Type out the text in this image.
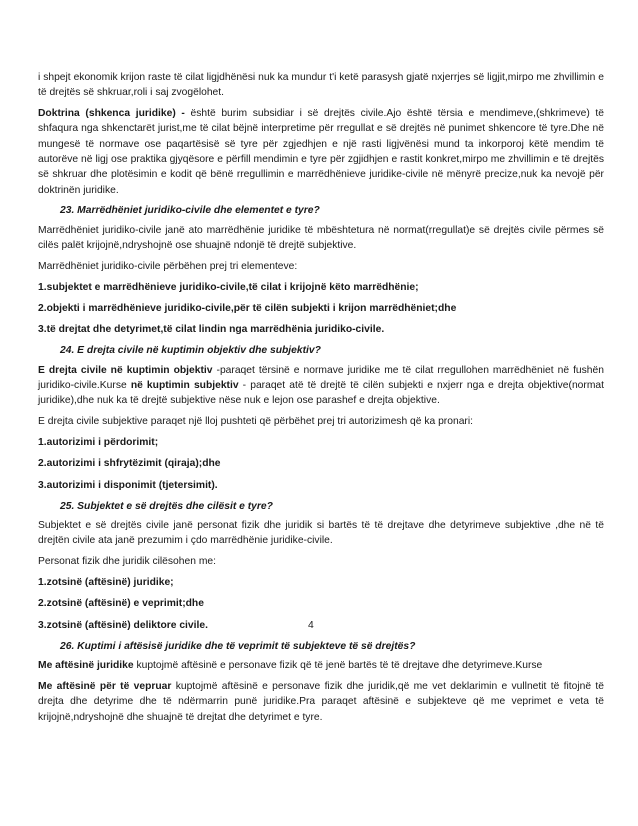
i shpejt ekonomik krijon raste të cilat ligjdhënësi nuk ka mundur t'i ketë parasysh gjatë nxjerrjes së ligjit,mirpo me zhvillimin e të drejtës së shkruar,roli i saj zvogëlohet.

Doktrina (shkenca juridike) - është burim subsidiar i së drejtës civile.Ajo është tërsia e mendimeve,(shkrimeve) të shfaqura nga shkenctarët jurist,me të cilat bëjnë interpretime për rregullat e së drejtës në punimet shkencore të tyre.Dhe në mungesë të normave ose paqartësisë së tyre për zgjedhjen e një rasti ligjvënësi mund ta inkorporoj këtë mendim të autorëve në ligj ose praktika gjyqësore e përfill mendimin e tyre për zgjidhjen e rastit konkret,mirpo me zhvillimin e të drejtës së shkruar dhe plotësimin e kodit që bënë rregullimin e marrëdhënieve juridike-civile në mënyrë precize,nuk ka nevojë për doktrinën juridike.

23. Marrëdhëniet juridiko-civile dhe elementet e tyre?

Marrëdhëniet juridiko-civile janë ato marrëdhënie juridike të mbështetura në normat(rregullat)e së drejtës civile përmes së cilës palët krijojnë,ndryshojnë ose shuajnë ndonjë të drejtë subjektive.

Marrëdhëniet juridiko-civile përbëhen prej tri elementeve:

1.subjektet e marrëdhënieve juridiko-civile,të cilat i krijojnë këto marrëdhënie;

2.objekti i marrëdhënieve juridiko-civile,për të cilën subjekti i krijon marrëdhëniet;dhe

3.të drejtat dhe detyrimet,të cilat lindin nga marrëdhënia juridiko-civile.

24. E drejta civile në kuptimin objektiv dhe subjektiv?

E drejta civile në kuptimin objektiv -paraqet tërsinë e normave juridike me të cilat rregullohen marrëdhëniet në fushën juridiko-civile.Kurse në kuptimin subjektiv - paraqet atë të drejtë të cilën subjekti e nxjerr nga e drejta objektive(normat juridike),dhe nuk ka të drejtë subjektive nëse nuk e lejon ose parashef e drejta objektive.

E drejta civile subjektive paraqet një lloj pushteti që përbëhet prej tri autorizimesh që ka pronari:

1.autorizimi i përdorimit;

2.autorizimi i shfrytëzimit (qiraja);dhe

3.autorizimi i disponimit (tjetersimit).

25. Subjektet e së drejtës dhe cilësit e tyre?

Subjektet e së drejtës civile janë personat fizik dhe juridik si bartës të të drejtave dhe detyrimeve subjektive ,dhe në të drejtën civile ata janë prezumim i çdo marrëdhënie juridike-civile.

Personat fizik dhe juridik cilësohen me:

1.zotsinë (aftësinë) juridike;

2.zotsinë (aftësinë) e veprimit;dhe

3.zotsinë (aftësinë) deliktore civile.	4

26. Kuptimi i aftësisë juridike dhe të veprimit të subjekteve të së drejtës?

Me aftësinë juridike kuptojmë aftësinë e personave fizik që të jenë bartës të të drejtave dhe detyrimeve.Kurse

Me aftësinë për të vepruar kuptojmë aftësinë e personave fizik dhe juridik,që me vet deklarimin e vullnetit të fitojnë të drejta dhe detyrime dhe të ndërmarrin punë juridike.Pra paraqet aftësinë e subjekteve që me veprimet e veta të krijojnë,ndryshojnë dhe shuajnë të drejtat dhe detyrimet e tyre.
